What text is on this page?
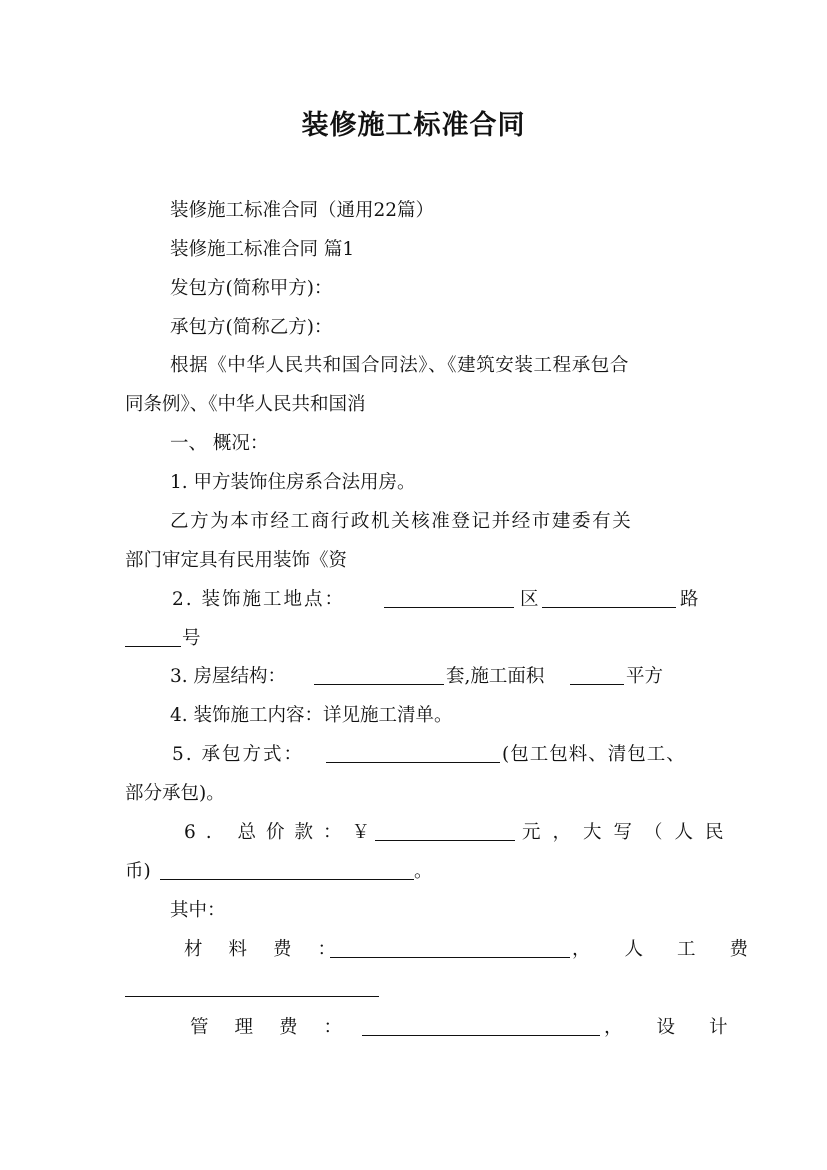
装修施工标准合同
装修施工标准合同（通用22篇）
装修施工标准合同 篇1
发包方(简称甲方)：
承包方(简称乙方)：
根据《中华人民共和国合同法》、《建筑安装工程承包合
同条例》、《中华人民共和国消
一、 概况：
1. 甲方装饰住房系合法用房。
乙方为本市经工商行政机关核准登记并经市建委有关
部门审定具有民用装饰《资
2. 装饰施工地点：	区	路
号
3. 房屋结构：	套,施工面积	平方
4. 装饰施工内容：详见施工清单。
5. 承包方式：	(包工包料、清包工、
部分承包)。
6. 总价款：￥	元，大写（人民
币)	。
其中：
材料费：	，人工费
管理费：	，设计
